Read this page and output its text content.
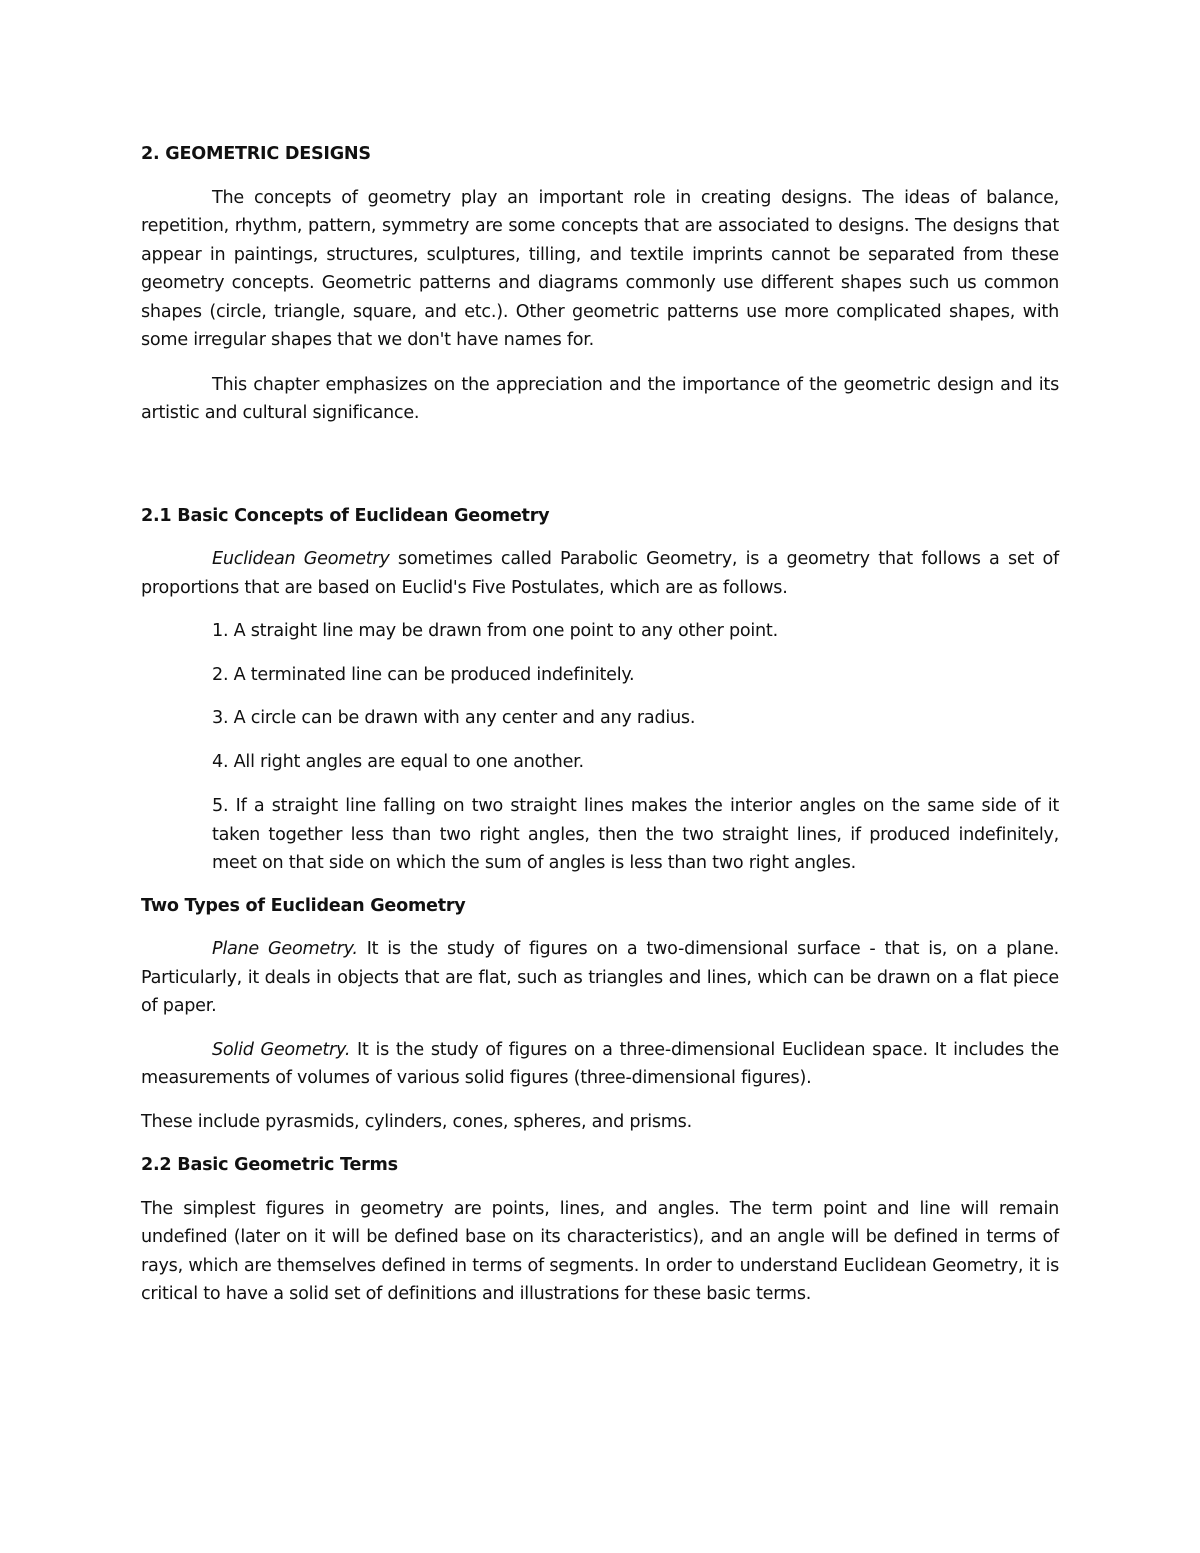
2. GEOMETRIC DESIGNS

The concepts of geometry play an important role in creating designs. The ideas of balance, repetition, rhythm, pattern, symmetry are some concepts that are associated to designs. The designs that appear in paintings, structures, sculptures, tilling, and textile imprints cannot be separated from these geometry concepts. Geometric patterns and diagrams commonly use different shapes such us common shapes (circle, triangle, square, and etc.). Other geometric patterns use more complicated shapes, with some irregular shapes that we don't have names for.

This chapter emphasizes on the appreciation and the importance of the geometric design and its artistic and cultural significance.

2.1 Basic Concepts of Euclidean Geometry

Euclidean Geometry sometimes called Parabolic Geometry, is a geometry that follows a set of proportions that are based on Euclid's Five Postulates, which are as follows.

1. A straight line may be drawn from one point to any other point.
2. A terminated line can be produced indefinitely.
3. A circle can be drawn with any center and any radius.
4. All right angles are equal to one another.
5. If a straight line falling on two straight lines makes the interior angles on the same side of it taken together less than two right angles, then the two straight lines, if produced indefinitely, meet on that side on which the sum of angles is less than two right angles.
Two Types of Euclidean Geometry

Plane Geometry. It is the study of figures on a two-dimensional surface - that is, on a plane. Particularly, it deals in objects that are flat, such as triangles and lines, which can be drawn on a flat piece of paper.

Solid Geometry. It is the study of figures on a three-dimensional Euclidean space. It includes the measurements of volumes of various solid figures (three-dimensional figures).

These include pyrasmids, cylinders, cones, spheres, and prisms.

2.2 Basic Geometric Terms

The simplest figures in geometry are points, lines, and angles. The term point and line will remain undefined (later on it will be defined base on its characteristics), and an angle will be defined in terms of rays, which are themselves defined in terms of segments. In order to understand Euclidean Geometry, it is critical to have a solid set of definitions and illustrations for these basic terms.
